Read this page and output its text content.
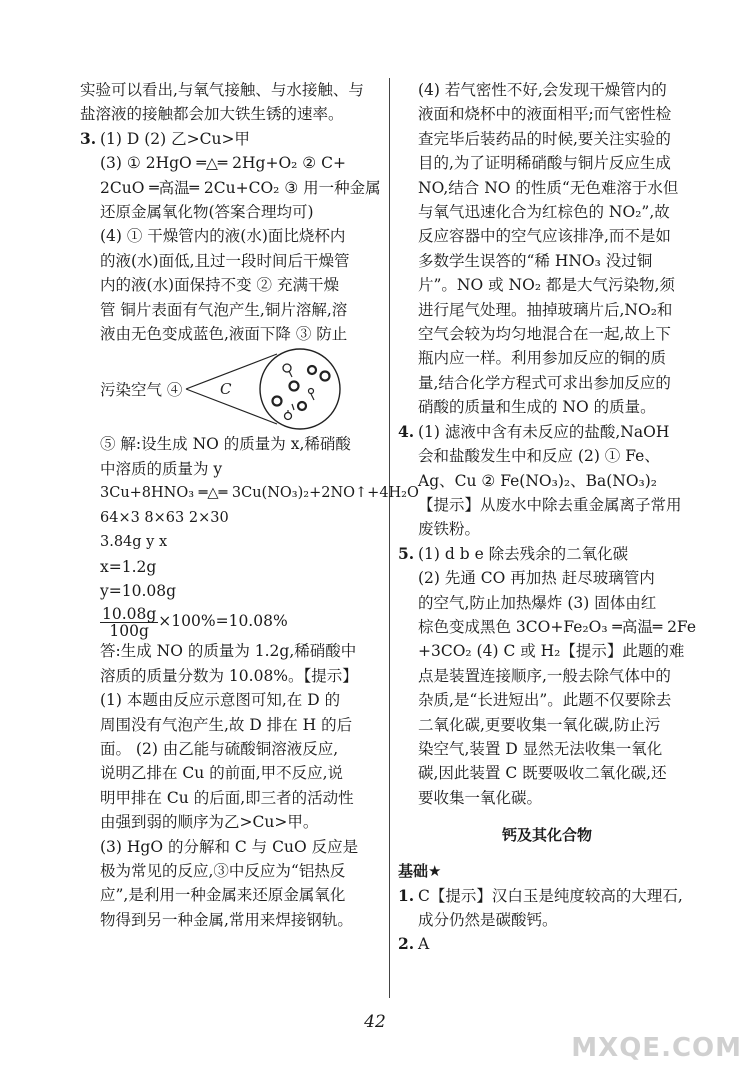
实验可以看出,与氧气接触、与水接触、与
盐溶液的接触都会加大铁生锈的速率。
3. (1) D (2) 乙>Cu>甲
(3) ① 2HgO ═△═ 2Hg+O₂ ② C+
2CuO ═高温═ 2Cu+CO₂ ③ 用一种金属
还原金属氧化物(答案合理均可)
(4) ① 干燥管内的液(水)面比烧杯内
的液(水)面低,且过一段时间后干燥管
内的液(水)面保持不变 ② 充满干燥
管 铜片表面有气泡产生,铜片溶解,溶
液由无色变成蓝色,液面下降 ③ 防止
污染空气 ④	C
⑤ 解:设生成 NO 的质量为 x,稀硝酸
中溶质的质量为 y
3Cu+8HNO₃ ═△═ 3Cu(NO₃)₂+2NO↑+4H₂O
64×3 8×63 2×30
3.84g y x
x=1.2g
y=10.08g
$\frac{10.08g}{100g} \times 100\%=10.08\%$
答:生成 NO 的质量为 1.2g,稀硝酸中
溶质的质量分数为 10.08%。【提示】
(1) 本题由反应示意图可知,在 D 的
周围没有气泡产生,故 D 排在 H 的后
面。 (2) 由乙能与硫酸铜溶液反应,
说明乙排在 Cu 的前面,甲不反应,说
明甲排在 Cu 的后面,即三者的活动性
由强到弱的顺序为乙>Cu>甲。
(3) HgO 的分解和 C 与 CuO 反应是
极为常见的反应,③中反应为“铝热反
应”,是利用一种金属来还原金属氧化
物得到另一种金属,常用来焊接钢轨。
(4) 若气密性不好,会发现干燥管内的
液面和烧杯中的液面相平;而气密性检
查完毕后装药品的时候,要关注实验的
目的,为了证明稀硝酸与铜片反应生成
NO,结合 NO 的性质“无色难溶于水但
与氧气迅速化合为红棕色的 NO₂”,故
反应容器中的空气应该排净,而不是如
多数学生误答的“稀 HNO₃ 没过铜
片”。NO 或 NO₂ 都是大气污染物,须
进行尾气处理。抽掉玻璃片后,NO₂和
空气会较为均匀地混合在一起,故上下
瓶内应一样。利用参加反应的铜的质
量,结合化学方程式可求出参加反应的
硝酸的质量和生成的 NO 的质量。
4. (1) 滤液中含有未反应的盐酸,NaOH
会和盐酸发生中和反应 (2) ① Fe、
Ag、Cu ② Fe(NO₃)₂、Ba(NO₃)₂
【提示】从废水中除去重金属离子常用
废铁粉。
5. (1) d b e 除去残余的二氧化碳
(2) 先通 CO 再加热 赶尽玻璃管内
的空气,防止加热爆炸 (3) 固体由红
棕色变成黑色 3CO+Fe₂O₃ ═高温═ 2Fe
+3CO₂ (4) C 或 H₂【提示】此题的难
点是装置连接顺序,一般去除气体中的
杂质,是“长进短出”。此题不仅要除去
二氧化碳,更要收集一氧化碳,防止污
染空气,装置 D 显然无法收集一氧化
碳,因此装置 C 既要吸收二氧化碳,还
要收集一氧化碳。
钙及其化合物
基础★
1. C【提示】汉白玉是纯度较高的大理石,
成分仍然是碳酸钙。
2. A
42
MXQE.COM
